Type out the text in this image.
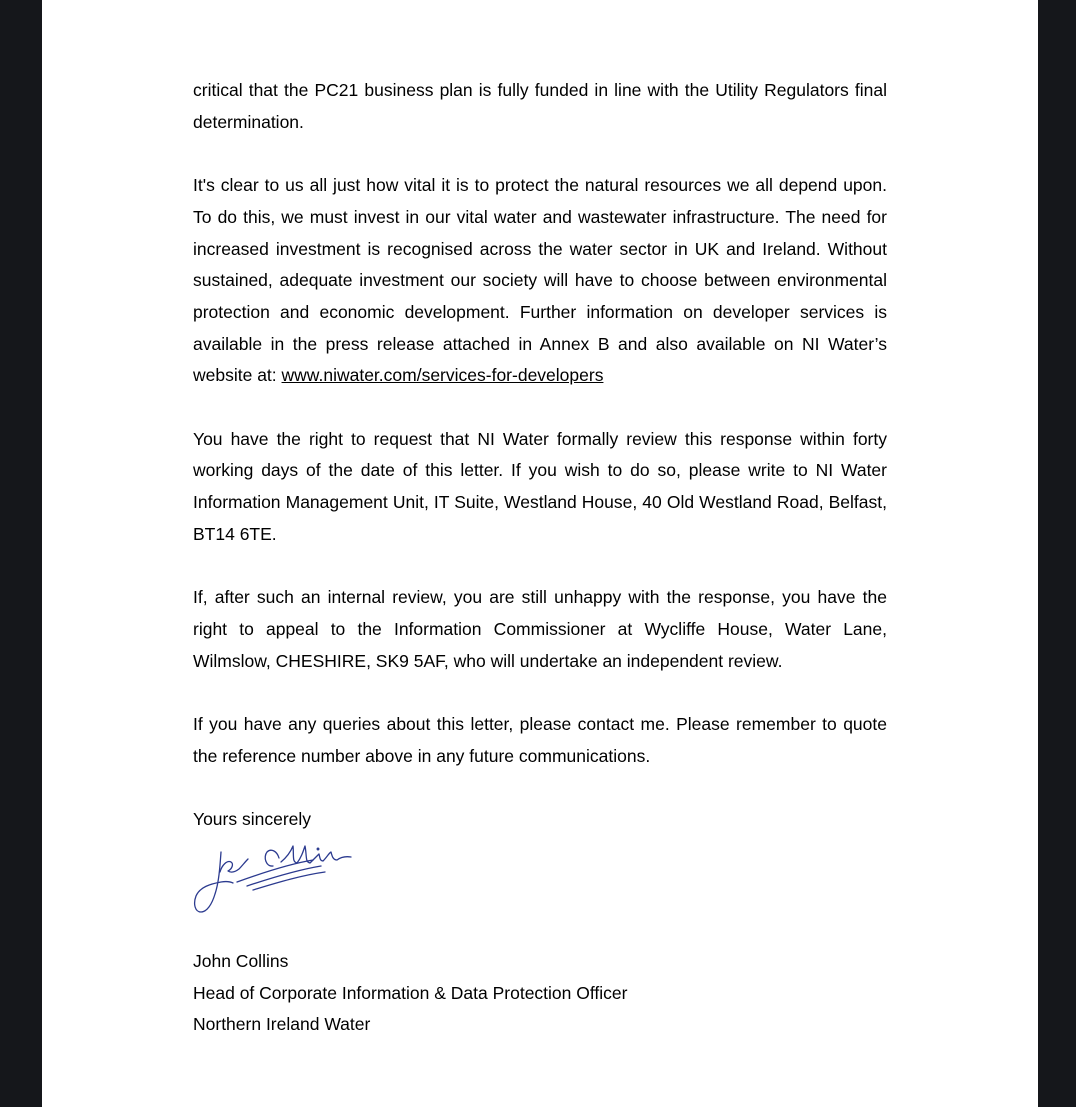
critical that the PC21 business plan is fully funded in line with the Utility Regulators final determination.

It's clear to us all just how vital it is to protect the natural resources we all depend upon. To do this, we must invest in our vital water and wastewater infrastructure. The need for increased investment is recognised across the water sector in UK and Ireland. Without sustained, adequate investment our society will have to choose between environmental protection and economic development. Further information on developer services is available in the press release attached in Annex B and also available on NI Water’s website at: www.niwater.com/services-for-developers

You have the right to request that NI Water formally review this response within forty working days of the date of this letter. If you wish to do so, please write to NI Water Information Management Unit, IT Suite, Westland House, 40 Old Westland Road, Belfast, BT14 6TE.

If, after such an internal review, you are still unhappy with the response, you have the right to appeal to the Information Commissioner at Wycliffe House, Water Lane, Wilmslow, CHESHIRE, SK9 5AF, who will undertake an independent review.

If you have any queries about this letter, please contact me. Please remember to quote the reference number above in any future communications.

Yours sincerely

John Collins

Head of Corporate Information & Data Protection Officer

Northern Ireland Water
